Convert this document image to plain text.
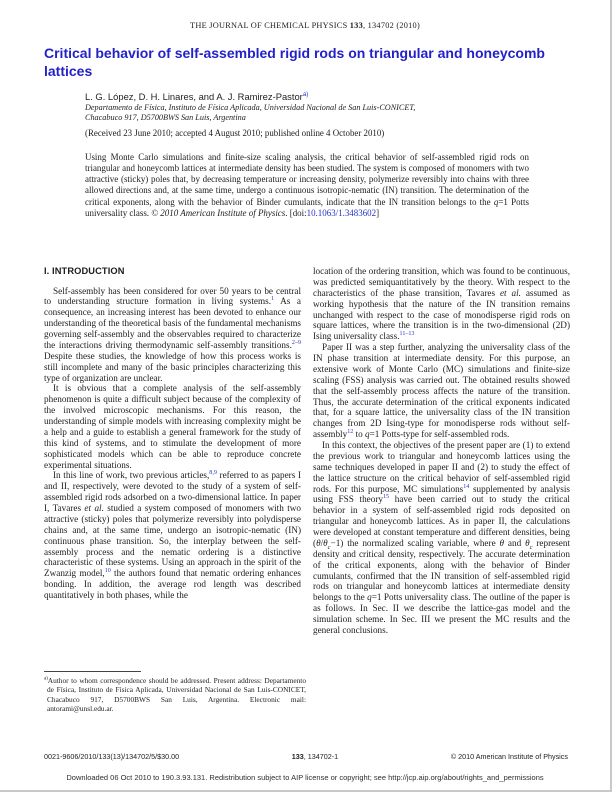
THE JOURNAL OF CHEMICAL PHYSICS 133, 134702 (2010)
Critical behavior of self-assembled rigid rods on triangular and honeycomb lattices
L. G. López, D. H. Linares, and A. J. Ramirez-Pastor$^{a)}$
Departamento de Física, Instituto de Física Aplicada, Universidad Nacional de San Luis-CONICET,
Chacabuco 917, D5700BWS San Luis, Argentina
(Received 23 June 2010; accepted 4 August 2010; published online 4 October 2010)
Using Monte Carlo simulations and finite-size scaling analysis, the critical behavior of self-assembled rigid rods on triangular and honeycomb lattices at intermediate density has been studied. The system is composed of monomers with two attractive (sticky) poles that, by decreasing temperature or increasing density, polymerize reversibly into chains with three allowed directions and, at the same time, undergo a continuous isotropic-nematic (IN) transition. The determination of the critical exponents, along with the behavior of Binder cumulants, indicate that the IN transition belongs to the q=1 Potts universality class. © 2010 American Institute of Physics. [doi:10.1063/1.3483602]
I. INTRODUCTION

Self-assembly has been considered for over 50 years to be central to understanding structure formation in living systems.$^1$ As a consequence, an increasing interest has been devoted to enhance our understanding of the theoretical basis of the fundamental mechanisms governing self-assembly and the observables required to characterize the interactions driving thermodynamic self-assembly transitions.$^{2-9}$ Despite these studies, the knowledge of how this process works is still incomplete and many of the basic principles characterizing this type of organization are unclear.

It is obvious that a complete analysis of the self-assembly phenomenon is quite a difficult subject because of the complexity of the involved microscopic mechanisms. For this reason, the understanding of simple models with increasing complexity might be a help and a guide to establish a general framework for the study of this kind of systems, and to stimulate the development of more sophisticated models which can be able to reproduce concrete experimental situations.

In this line of work, two previous articles,$^{8,9}$ referred to as papers I and II, respectively, were devoted to the study of a system of self-assembled rigid rods adsorbed on a two-dimensional lattice. In paper I, Tavares et al. studied a system composed of monomers with two attractive (sticky) poles that polymerize reversibly into polydisperse chains and, at the same time, undergo an isotropic-nematic (IN) continuous phase transition. So, the interplay between the self-assembly process and the nematic ordering is a distinctive characteristic of these systems. Using an approach in the spirit of the Zwanzig model,$^{10}$ the authors found that nematic ordering enhances bonding. In addition, the average rod length was described quantitatively in both phases, while the

location of the ordering transition, which was found to be continuous, was predicted semiquantitatively by the theory. With respect to the characteristics of the phase transition, Tavares et al. assumed as working hypothesis that the nature of the IN transition remains unchanged with respect to the case of monodisperse rigid rods on square lattices, where the transition is in the two-dimensional (2D) Ising universality class.$^{11-13}$

Paper II was a step further, analyzing the universality class of the IN phase transition at intermediate density. For this purpose, an extensive work of Monte Carlo (MC) simulations and finite-size scaling (FSS) analysis was carried out. The obtained results showed that the self-assembly process affects the nature of the transition. Thus, the accurate determination of the critical exponents indicated that, for a square lattice, the universality class of the IN transition changes from 2D Ising-type for monodisperse rods without self-assembly$^{12}$ to q=1 Potts-type for self-assembled rods.

In this context, the objectives of the present paper are (1) to extend the previous work to triangular and honeycomb lattices using the same techniques developed in paper II and (2) to study the effect of the lattice structure on the critical behavior of self-assembled rigid rods. For this purpose, MC simulations$^{14}$ supplemented by analysis using FSS theory$^{15}$ have been carried out to study the critical behavior in a system of self-assembled rigid rods deposited on triangular and honeycomb lattices. As in paper II, the calculations were developed at constant temperature and different densities, being $(\theta/\theta_c-1)$ the normalized scaling variable, where θ and $\theta_c$ represent density and critical density, respectively. The accurate determination of the critical exponents, along with the behavior of Binder cumulants, confirmed that the IN transition of self-assembled rigid rods on triangular and honeycomb lattices at intermediate density belongs to the q=1 Potts universality class. The outline of the paper is as follows. In Sec. II we describe the lattice-gas model and the simulation scheme. In Sec. III we present the MC results and the general conclusions.

$^{a)}$Author to whom correspondence should be addressed. Present address: Departamento de Física, Instituto de Física Aplicada, Universidad Nacional de San Luis-CONICET, Chacabuco 917, D5700BWS San Luis, Argentina. Electronic mail: antorami@unsl.edu.ar.
0021-9606/2010/133(13)/134702/5/$30.00	133, 134702-1	© 2010 American Institute of Physics
Downloaded 06 Oct 2010 to 190.3.93.131. Redistribution subject to AIP license or copyright; see http://jcp.aip.org/about/rights_and_permissions
